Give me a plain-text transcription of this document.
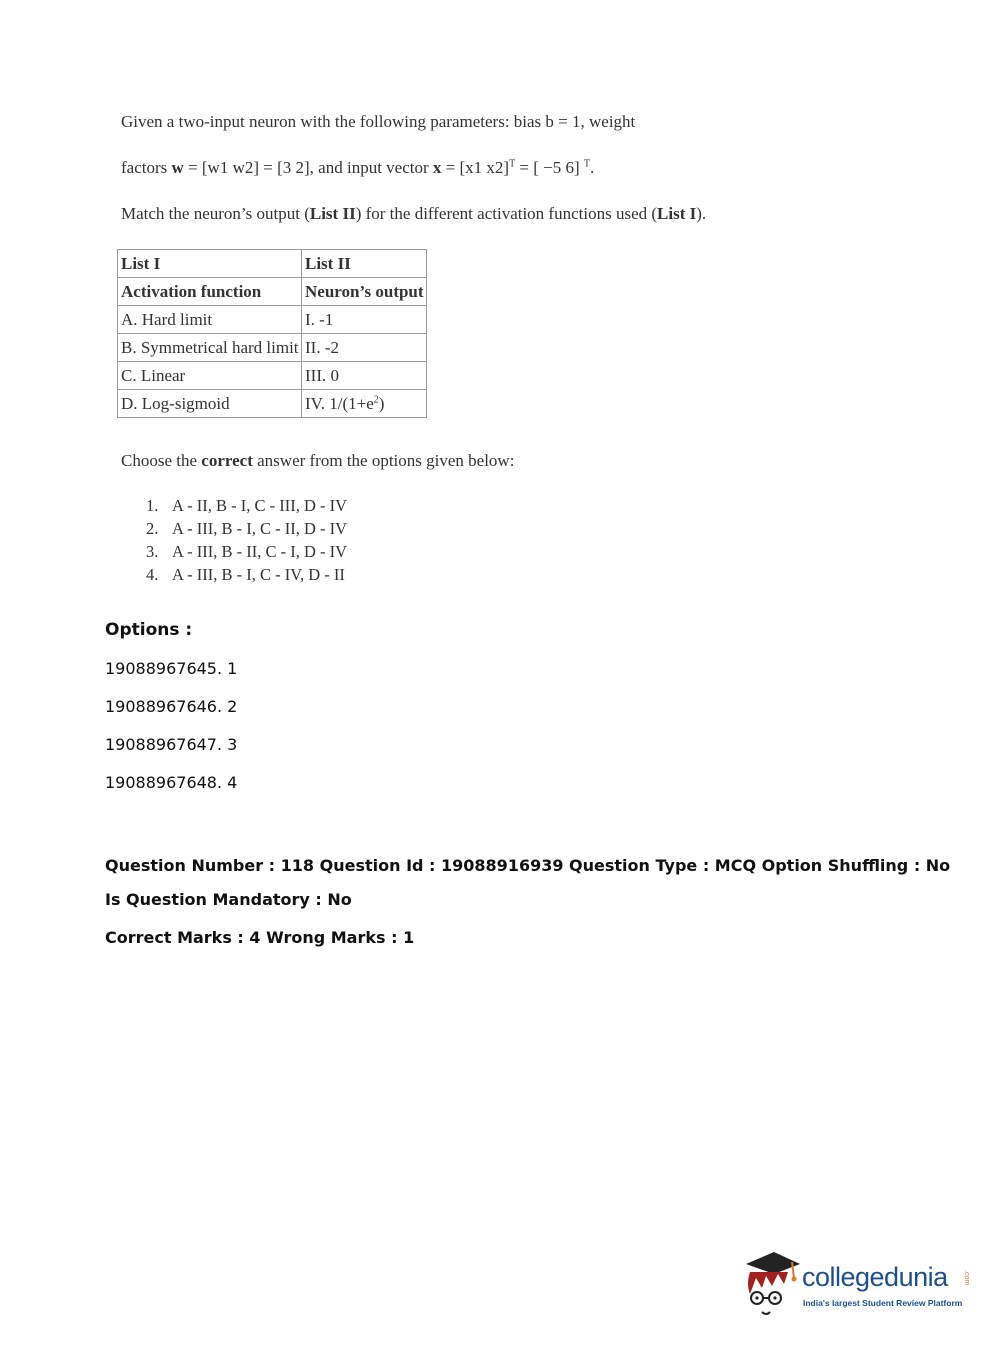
Given a two-input neuron with the following parameters: bias b = 1, weight
factors w = [w1 w2] = [3 2], and input vector x = [x1 x2]$^T$ = [ −5 6] $^T$.
Match the neuron’s output (List II) for the different activation functions used (List I).
List I	List II
Activation function	Neuron’s output
A. Hard limit	I. -1
B. Symmetrical hard limit	II. -2
C. Linear	III. 0
D. Log-sigmoid	IV. $1/(1+e^2)$
Choose the correct answer from the options given below:
1. A - II, B - I, C - III, D - IV
2. A - III, B - I, C - II, D - IV
3. A - III, B - II, C - I, D - IV
4. A - III, B - I, C - IV, D - II
Options :
19088967645. 1
19088967646. 2
19088967647. 3
19088967648. 4
Question Number : 118 Question Id : 19088916939 Question Type : MCQ Option Shuffling : No
Is Question Mandatory : No
Correct Marks : 4 Wrong Marks : 1
collegedunia .com
India's largest Student Review Platform
